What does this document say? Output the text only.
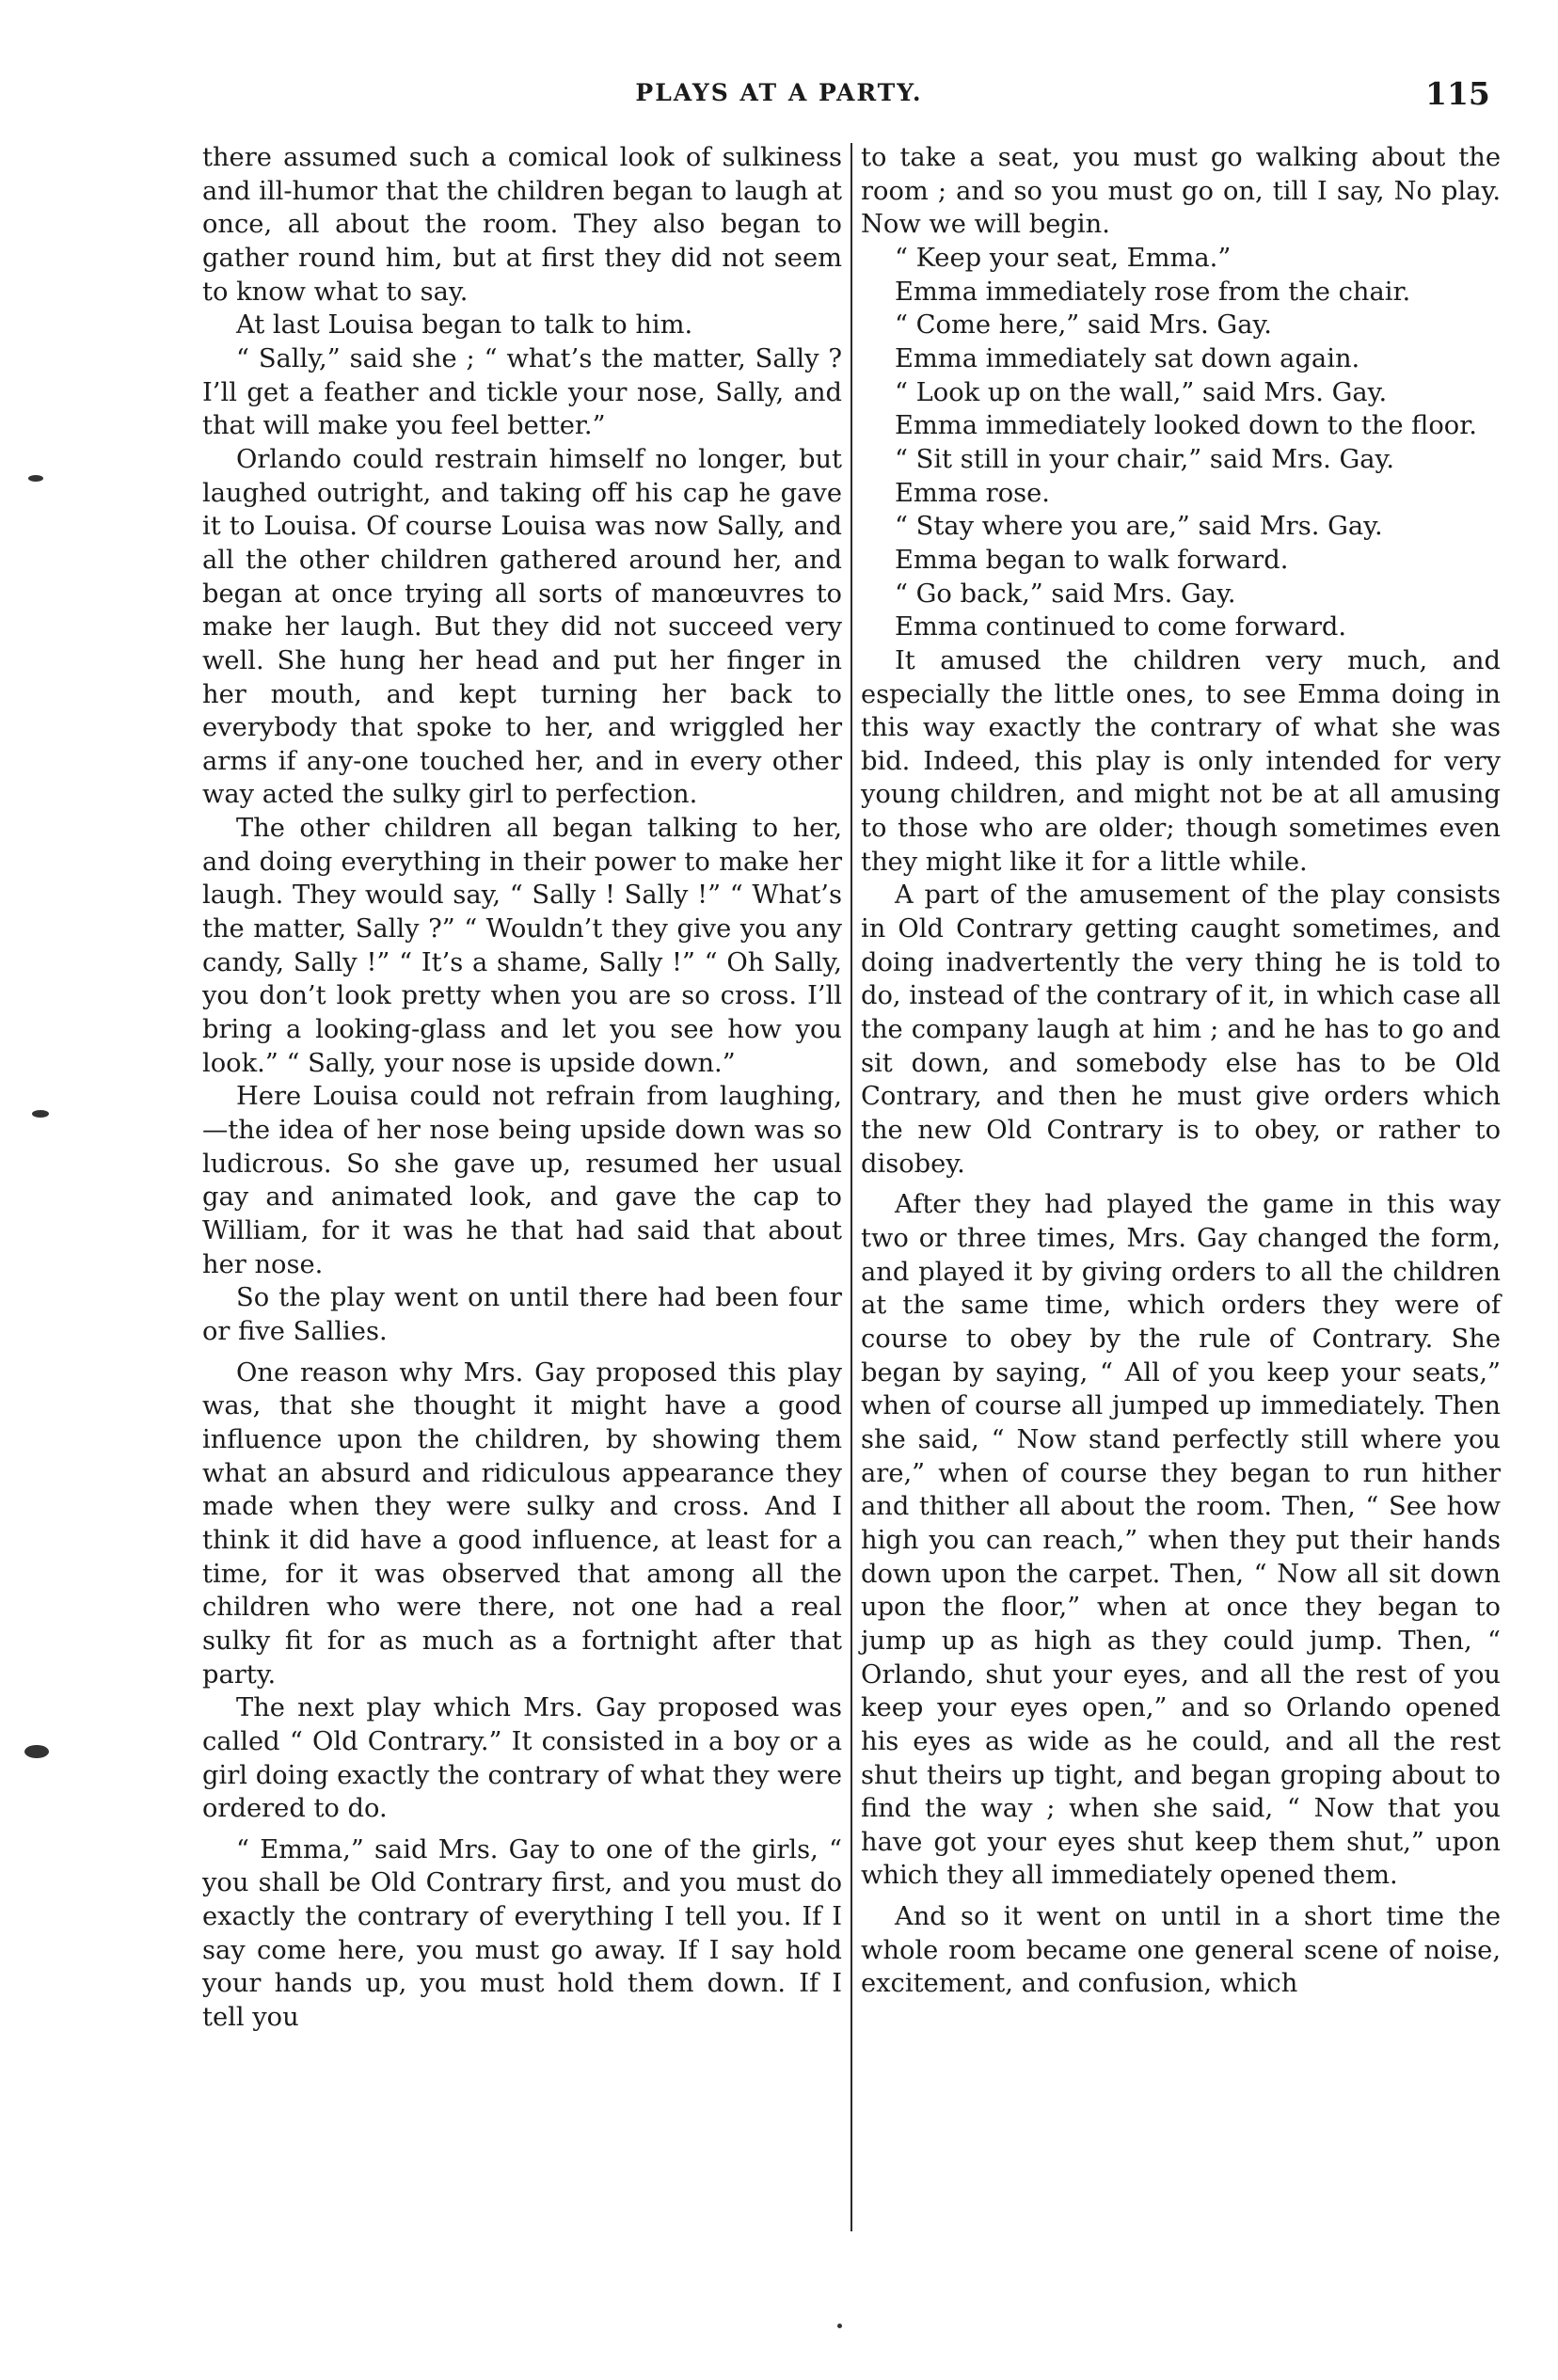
PLAYS AT A PARTY.	115

there assumed such a comical look of sulkiness and ill-humor that the children began to laugh at once, all about the room. They also began to gather round him, but at first they did not seem to know what to say.

At last Louisa began to talk to him.

“ Sally,” said she ; “ what’s the matter, Sally ? I’ll get a feather and tickle your nose, Sally, and that will make you feel better.”

Orlando could restrain himself no longer, but laughed outright, and taking off his cap he gave it to Louisa. Of course Louisa was now Sally, and all the other children gathered around her, and began at once trying all sorts of manœuvres to make her laugh. But they did not succeed very well. She hung her head and put her finger in her mouth, and kept turning her back to everybody that spoke to her, and wriggled her arms if any-one touched her, and in every other way acted the sulky girl to perfection.

The other children all began talking to her, and doing everything in their power to make her laugh. They would say, “ Sally ! Sally !” “ What’s the matter, Sally ?” “ Wouldn’t they give you any candy, Sally !” “ It’s a shame, Sally !” “ Oh Sally, you don’t look pretty when you are so cross. I’ll bring a looking-glass and let you see how you look.” “ Sally, your nose is upside down.”

Here Louisa could not refrain from laughing,—the idea of her nose being upside down was so ludicrous. So she gave up, resumed her usual gay and animated look, and gave the cap to William, for it was he that had said that about her nose.

So the play went on until there had been four or five Sallies.

One reason why Mrs. Gay proposed this play was, that she thought it might have a good influence upon the children, by showing them what an absurd and ridiculous appearance they made when they were sulky and cross. And I think it did have a good influence, at least for a time, for it was observed that among all the children who were there, not one had a real sulky fit for as much as a fortnight after that party.

The next play which Mrs. Gay proposed was called “ Old Contrary.” It consisted in a boy or a girl doing exactly the contrary of what they were ordered to do.

“ Emma,” said Mrs. Gay to one of the girls, “ you shall be Old Contrary first, and you must do exactly the contrary of everything I tell you. If I say come here, you must go away. If I say hold your hands up, you must hold them down. If I tell you

to take a seat, you must go walking about the room ; and so you must go on, till I say, No play. Now we will begin.

“ Keep your seat, Emma.”

Emma immediately rose from the chair.

“ Come here,” said Mrs. Gay.

Emma immediately sat down again.

“ Look up on the wall,” said Mrs. Gay.

Emma immediately looked down to the floor.

“ Sit still in your chair,” said Mrs. Gay.

Emma rose.

“ Stay where you are,” said Mrs. Gay.

Emma began to walk forward.

“ Go back,” said Mrs. Gay.

Emma continued to come forward.

It amused the children very much, and especially the little ones, to see Emma doing in this way exactly the contrary of what she was bid. Indeed, this play is only intended for very young children, and might not be at all amusing to those who are older; though sometimes even they might like it for a little while.

A part of the amusement of the play consists in Old Contrary getting caught sometimes, and doing inadvertently the very thing he is told to do, instead of the contrary of it, in which case all the company laugh at him ; and he has to go and sit down, and somebody else has to be Old Contrary, and then he must give orders which the new Old Contrary is to obey, or rather to disobey.

After they had played the game in this way two or three times, Mrs. Gay changed the form, and played it by giving orders to all the children at the same time, which orders they were of course to obey by the rule of Contrary. She began by saying, “ All of you keep your seats,” when of course all jumped up immediately. Then she said, “ Now stand perfectly still where you are,” when of course they began to run hither and thither all about the room. Then, “ See how high you can reach,” when they put their hands down upon the carpet. Then, “ Now all sit down upon the floor,” when at once they began to jump up as high as they could jump. Then, “ Orlando, shut your eyes, and all the rest of you keep your eyes open,” and so Orlando opened his eyes as wide as he could, and all the rest shut theirs up tight, and began groping about to find the way ; when she said, “ Now that you have got your eyes shut keep them shut,” upon which they all immediately opened them.

And so it went on until in a short time the whole room became one general scene of noise, excitement, and confusion, which
